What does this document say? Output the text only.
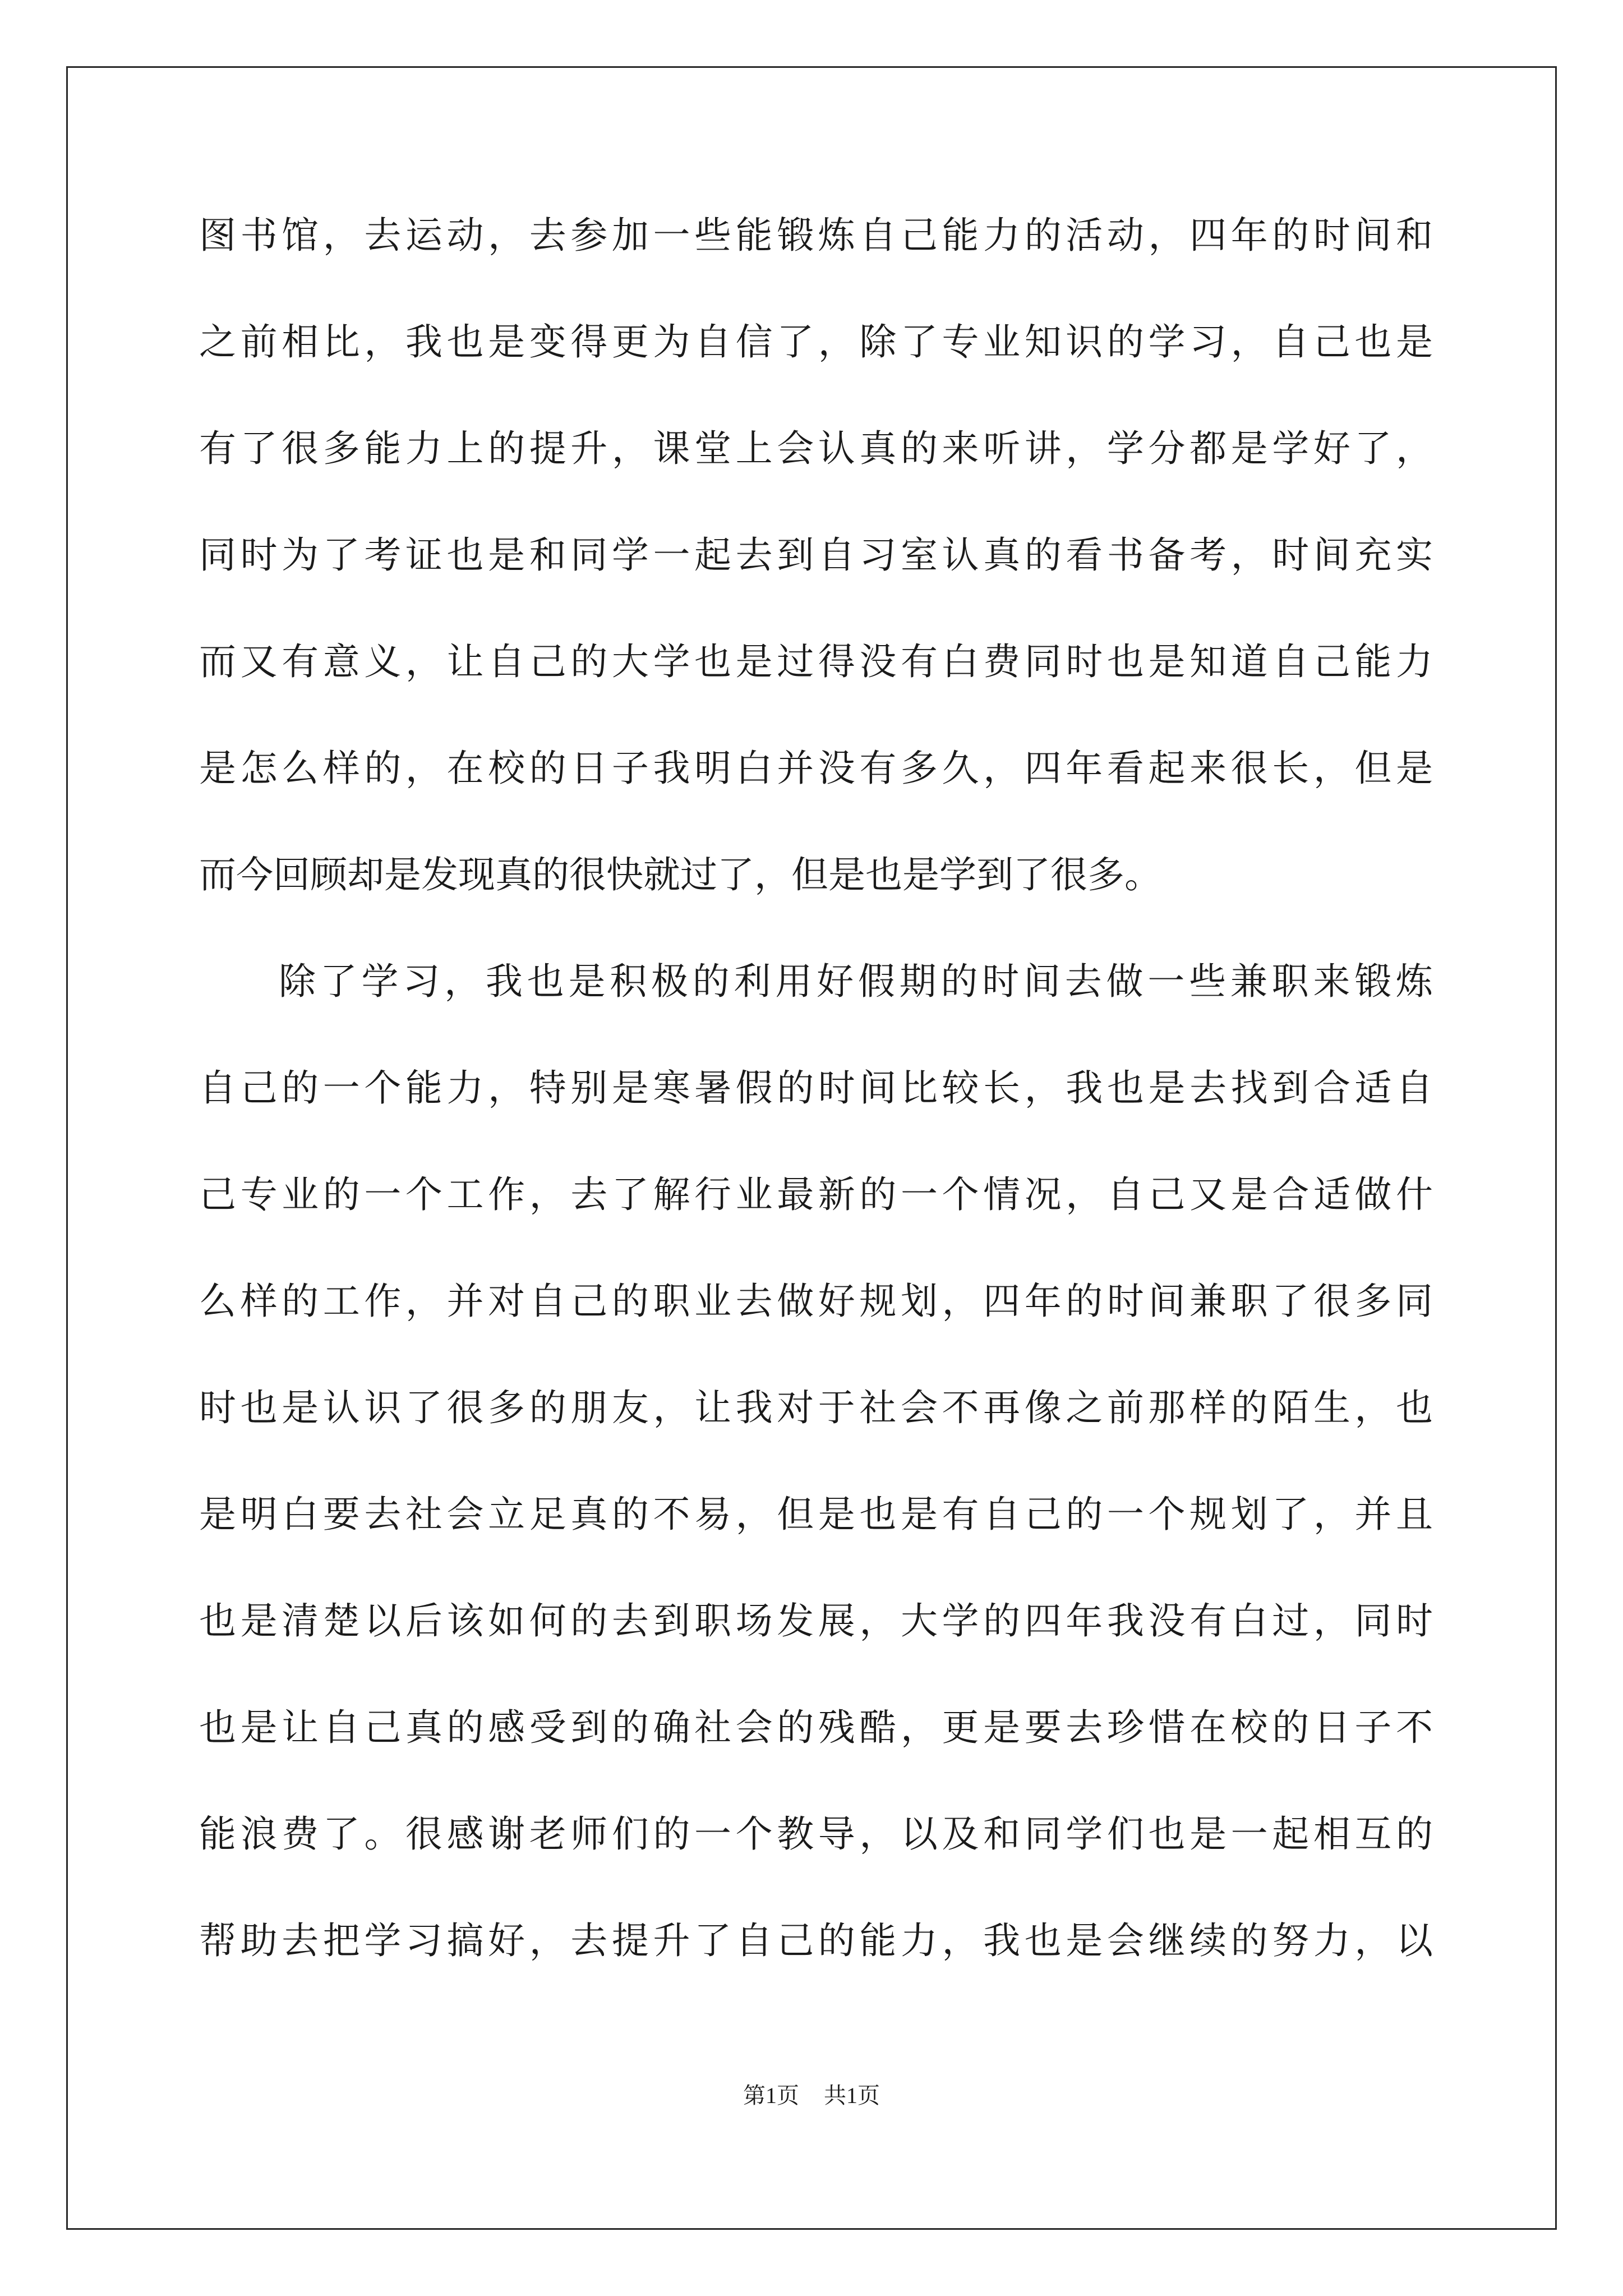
图书馆，去运动，去参加一些能锻炼自己能力的活动，四年的时间和
之前相比，我也是变得更为自信了，除了专业知识的学习，自己也是
有了很多能力上的提升，课堂上会认真的来听讲，学分都是学好了，
同时为了考证也是和同学一起去到自习室认真的看书备考，时间充实
而又有意义，让自己的大学也是过得没有白费同时也是知道自己能力
是怎么样的，在校的日子我明白并没有多久，四年看起来很长，但是
而今回顾却是发现真的很快就过了，但是也是学到了很多。
除了学习，我也是积极的利用好假期的时间去做一些兼职来锻炼
自己的一个能力，特别是寒暑假的时间比较长，我也是去找到合适自
己专业的一个工作，去了解行业最新的一个情况，自己又是合适做什
么样的工作，并对自己的职业去做好规划，四年的时间兼职了很多同
时也是认识了很多的朋友，让我对于社会不再像之前那样的陌生，也
是明白要去社会立足真的不易，但是也是有自己的一个规划了，并且
也是清楚以后该如何的去到职场发展，大学的四年我没有白过，同时
也是让自己真的感受到的确社会的残酷，更是要去珍惜在校的日子不
能浪费了。很感谢老师们的一个教导，以及和同学们也是一起相互的
帮助去把学习搞好，去提升了自己的能力，我也是会继续的努力，以
第1页 共1页
